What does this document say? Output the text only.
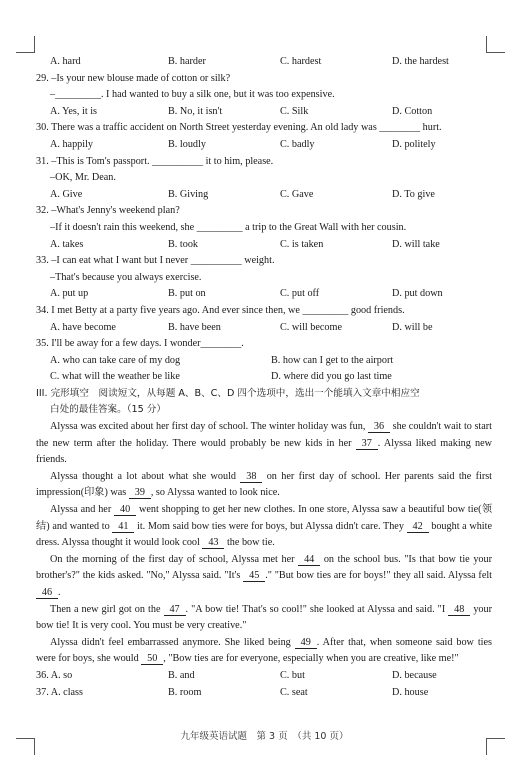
A. hard	B. harder	C. hardest	D. the hardest
29. –Is your new blouse made of cotton or silk?
–_________. I had wanted to buy a silk one, but it was too expensive.
A. Yes, it is	B. No, it isn't	C. Silk	D. Cotton
30. There was a traffic accident on North Street yesterday evening. An old lady was ________ hurt.
A. happily	B. loudly	C. badly	D. politely
31. –This is Tom's passport. __________ it to him, please.
–OK, Mr. Dean.
A. Give	B. Giving	C. Gave	D. To give
32. –What's Jenny's weekend plan?
–If it doesn't rain this weekend, she _________ a trip to the Great Wall with her cousin.
A. takes	B. took	C. is taken	D. will take
33. –I can eat what I want but I never __________ weight.
–That's because you always exercise.
A. put up	B. put on	C. put off	D. put down
34. I met Betty at a party five years ago. And ever since then, we _________ good friends.
A. have become	B. have been	C. will become	D. will be
35. I'll be away for a few days. I wonder________.
A. who can take care of my dog	B. how can I get to the airport
C. what will the weather be like	D. where did you go last time
III. 完形填空　阅读短文，从每题 A、B、C、D 四个选项中，选出一个能填入文章中相应空
白处的最佳答案。（15 分）
Alyssa was excited about her first day of school. The winter holiday was fun, 36 she couldn't wait to start the new term after the holiday. There would probably be new kids in her 37 . Alyssa liked making new friends.
Alyssa thought a lot about what she would 38 on her first day of school. Her parents said the first impression(印象) was 39 , so Alyssa wanted to look nice.
Alyssa and her 40 went shopping to get her new clothes. In one store, Alyssa saw a beautiful bow tie(领结) and wanted to 41 it. Mom said bow ties were for boys, but Alyssa didn't care. They 42 bought a white dress. Alyssa thought it would look cool 43 the bow tie.
On the morning of the first day of school, Alyssa met her 44 on the school bus. "Is that bow tie your brother's?" the kids asked. "No," Alyssa said. "It's 45 ." "But bow ties are for boys!" they all said. Alyssa felt 46 .
Then a new girl got on the 47 . "A bow tie! That's so cool!" she looked at Alyssa and said. "I 48 your bow tie! It is very cool. You must be very creative."
Alyssa didn't feel embarrassed anymore. She liked being 49 . After that, when someone said bow ties were for boys, she would 50 , "Bow ties are for everyone, especially when you are creative, like me!"
36. A. so	B. and	C. but	D. because
37. A. class	B. room	C. seat	D. house
九年级英语试题　第 3 页　（共 10 页）
